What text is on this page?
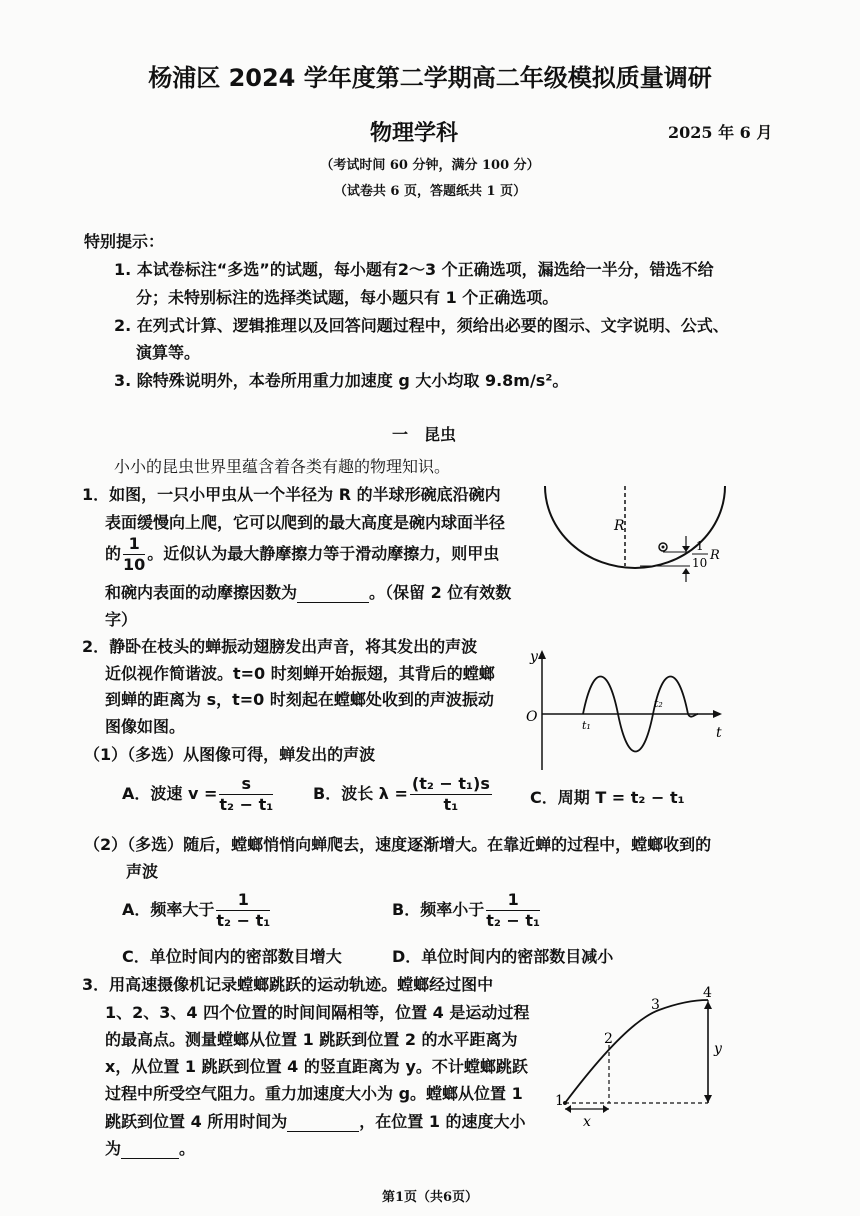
杨浦区 2024 学年度第二学期高二年级模拟质量调研
物理学科	2025 年 6 月
（考试时间 60 分钟，满分 100 分）
（试卷共 6 页，答题纸共 1 页）
特别提示：
1. 本试卷标注“多选”的试题，每小题有2～3 个正确选项，漏选给一半分，错选不给
分；未特别标注的选择类试题，每小题只有 1 个正确选项。
2. 在列式计算、逻辑推理以及回答问题过程中，须给出必要的图示、文字说明、公式、
演算等。
3. 除特殊说明外，本卷所用重力加速度 g 大小均取 9.8m/s²。
一　昆虫
小小的昆虫世界里蕴含着各类有趣的物理知识。
1．如图，一只小甲虫从一个半径为 R 的半球形碗底沿碗内
表面缓慢向上爬，它可以爬到的最大高度是碗内球面半径
的 $\frac{1}{10}$ 。近似认为最大静摩擦力等于滑动摩擦力，则甲虫
和碗内表面的动摩擦因数为	。（保留 2 位有效数
字）
R
1
10 R
2．静卧在枝头的蝉振动翅膀发出声音，将其发出的声波
近似视作简谐波。t=0 时刻蝉开始振翅，其背后的螳螂
到蝉的距离为 s，t=0 时刻起在螳螂处收到的声波振动
图像如图。
（1）（多选）从图像可得，蝉发出的声波
A．波速 $v = \frac{s}{\text{t₂ − t₁}}$ B．波长 $\lambda = \frac{\text{(t₂ − t₁)s}}{\text{t₁}}$ C．周期 T = t₂ − t₁
（2）（多选）随后，螳螂悄悄向蝉爬去，速度逐渐增大。在靠近蝉的过程中，螳螂收到的
声波
A．频率大于 $\frac{1}{\text{t₂ − t₁}}$	B．频率小于 $\frac{1}{\text{t₂ − t₁}}$
C．单位时间内的密部数目增大	D．单位时间内的密部数目减小
y
t
O
t₁
t₂
3．用高速摄像机记录螳螂跳跃的运动轨迹。螳螂经过图中
1、2、3、4 四个位置的时间间隔相等，位置 4 是运动过程
的最高点。测量螳螂从位置 1 跳跃到位置 2 的水平距离为
x，从位置 1 跳跃到位置 4 的竖直距离为 y。不计螳螂跳跃
过程中所受空气阻力。重力加速度大小为 g。螳螂从位置 1
跳跃到位置 4 所用时间为	，在位置 1 的速度大小
为	。
1
2
3
4
x
y
第1页（共6页）
